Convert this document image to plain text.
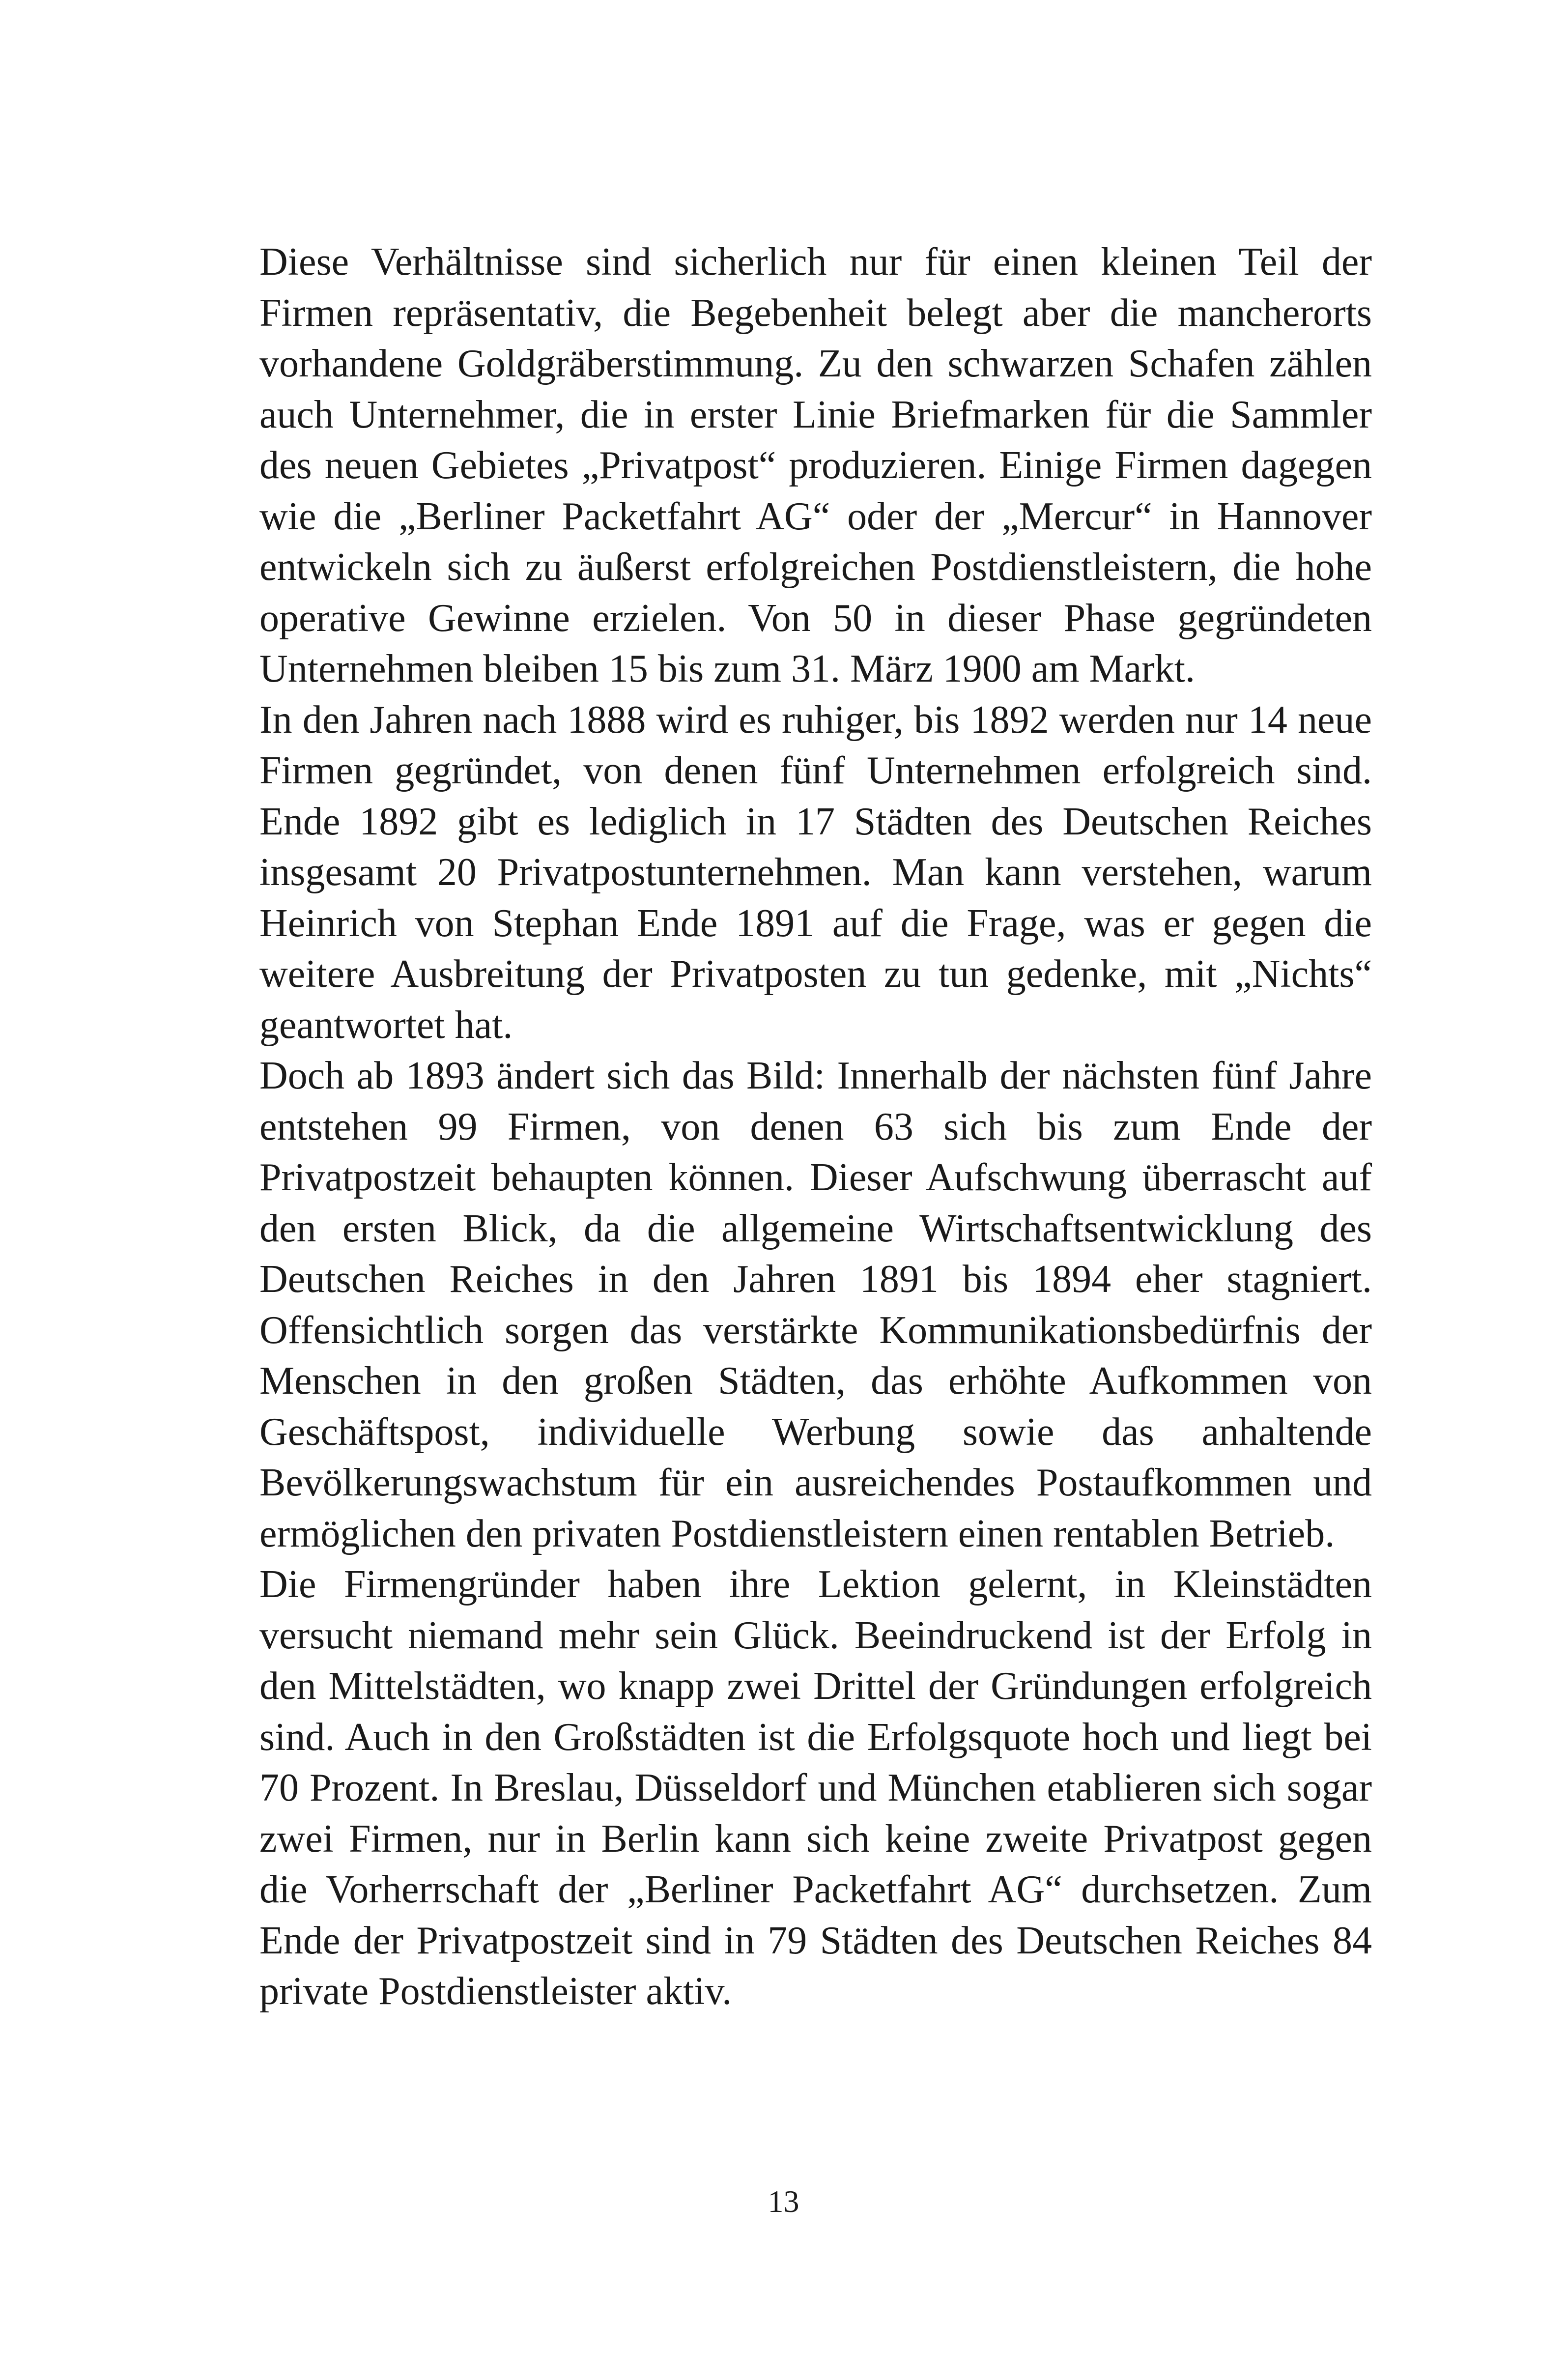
Diese Verhältnisse sind sicherlich nur für einen kleinen Teil der Firmen repräsentativ, die Begebenheit belegt aber die mancherorts vorhandene Goldgräberstimmung. Zu den schwarzen Schafen zählen auch Unternehmer, die in erster Linie Briefmarken für die Sammler des neuen Gebietes „Privatpost“ produzieren. Einige Firmen dagegen wie die „Berliner Packetfahrt AG“ oder der „Mercur“ in Hannover entwickeln sich zu äußerst erfolgreichen Postdienstleistern, die hohe operative Gewinne erzielen. Von 50 in dieser Phase gegründeten Unternehmen bleiben 15 bis zum 31. März 1900 am Markt.

In den Jahren nach 1888 wird es ruhiger, bis 1892 werden nur 14 neue Firmen gegründet, von denen fünf Unternehmen erfolgreich sind. Ende 1892 gibt es lediglich in 17 Städten des Deutschen Reiches insgesamt 20 Privatpostunternehmen. Man kann verstehen, warum Heinrich von Stephan Ende 1891 auf die Frage, was er gegen die weitere Ausbreitung der Privatposten zu tun gedenke, mit „Nichts“ geantwortet hat.

Doch ab 1893 ändert sich das Bild: Innerhalb der nächsten fünf Jahre entstehen 99 Firmen, von denen 63 sich bis zum Ende der Privatpostzeit behaupten können. Dieser Aufschwung überrascht auf den ersten Blick, da die allgemeine Wirtschaftsentwicklung des Deutschen Reiches in den Jahren 1891 bis 1894 eher stagniert. Offensichtlich sorgen das verstärkte Kommunikationsbedürfnis der Menschen in den großen Städten, das erhöhte Aufkommen von Geschäftspost, individuelle Werbung sowie das anhaltende Bevölkerungswachstum für ein ausreichendes Postaufkommen und ermöglichen den privaten Postdienstleistern einen rentablen Betrieb.

Die Firmengründer haben ihre Lektion gelernt, in Kleinstädten versucht niemand mehr sein Glück. Beeindruckend ist der Erfolg in den Mittelstädten, wo knapp zwei Drittel der Gründungen erfolgreich sind. Auch in den Großstädten ist die Erfolgsquote hoch und liegt bei 70 Prozent. In Breslau, Düsseldorf und München etablieren sich sogar zwei Firmen, nur in Berlin kann sich keine zweite Privatpost gegen die Vorherrschaft der „Berliner Packetfahrt AG“ durchsetzen. Zum Ende der Privatpostzeit sind in 79 Städten des Deutschen Reiches 84 private Postdienstleister aktiv.

13
